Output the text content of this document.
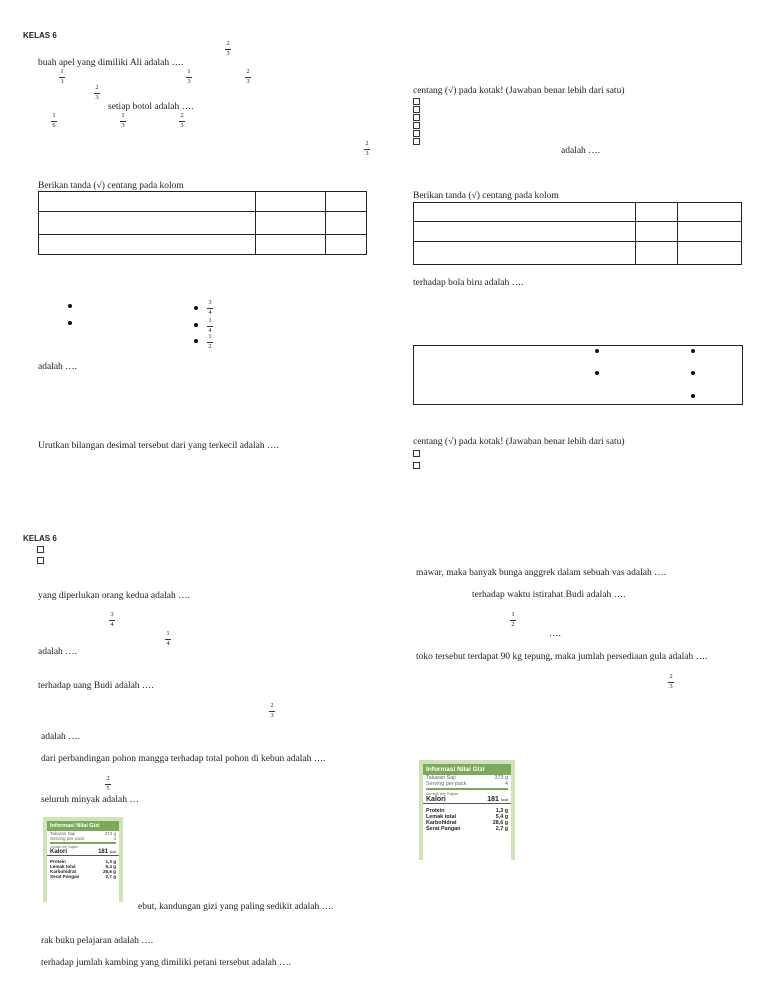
KELAS 6
2
3
buah apel yang dimiliki Ali adalah ….
1
3
1
3
2
3
2
3
setiap botol adalah ….
1
6
1
3
2
3
2
3
Berikan tanda (√) centang pada kolom

3
4
1
4
1
2
adalah ….
Urutkan bilangan desimal tersebut dari yang terkecil adalah ….
centang (√) pada kotak! (Jawaban benar lebih dari satu)
adalah ….
Berikan tanda (√) centang pada kolom

terhadap bola biru adalah ….
centang (√) pada kotak! (Jawaban benar lebih dari satu)
KELAS 6
yang diperlukan orang kedua adalah ….
3
4
1
4
adalah ….
terhadap uang Budi adalah ….
2
3
adalah ….
dari perbandingan pohon mangga terhadap total pohon di kebun adalah ….
2
5
seluruh minyak adalah …
Informasi Nilai Gizi
Takaran Saji	373 g
Serving per pack	4
Jumlah per Sajian
Kalori	181 kcal
Protein	1,3 g
Lemak total	5,4 g
Karbohidrat	28,6 g
Serat Pangan	2,7 g
ebut, kandungan gizi yang paling sedikit adalah ….
rak buku pelajaran adalah ….
terhadap jumlah kambing yang dimiliki petani tersebut adalah ….
mawar, maka banyak bunga anggrek dalam sebuah vas adalah ….
terhadap waktu istirahat Budi adalah ….
1
2
….
toko tersebut terdapat 90 kg tepung, maka jumlah persediaan gula adalah ….
2
3
Informasi Nilai Gizi
Takaran Saji	373 g
Serving per pack	4
Jumlah per Sajian
Kalori	181 kcal
Protein	1,3 g
Lemak total	5,4 g
Karbohidrat	28,6 g
Serat Pangan	2,7 g
